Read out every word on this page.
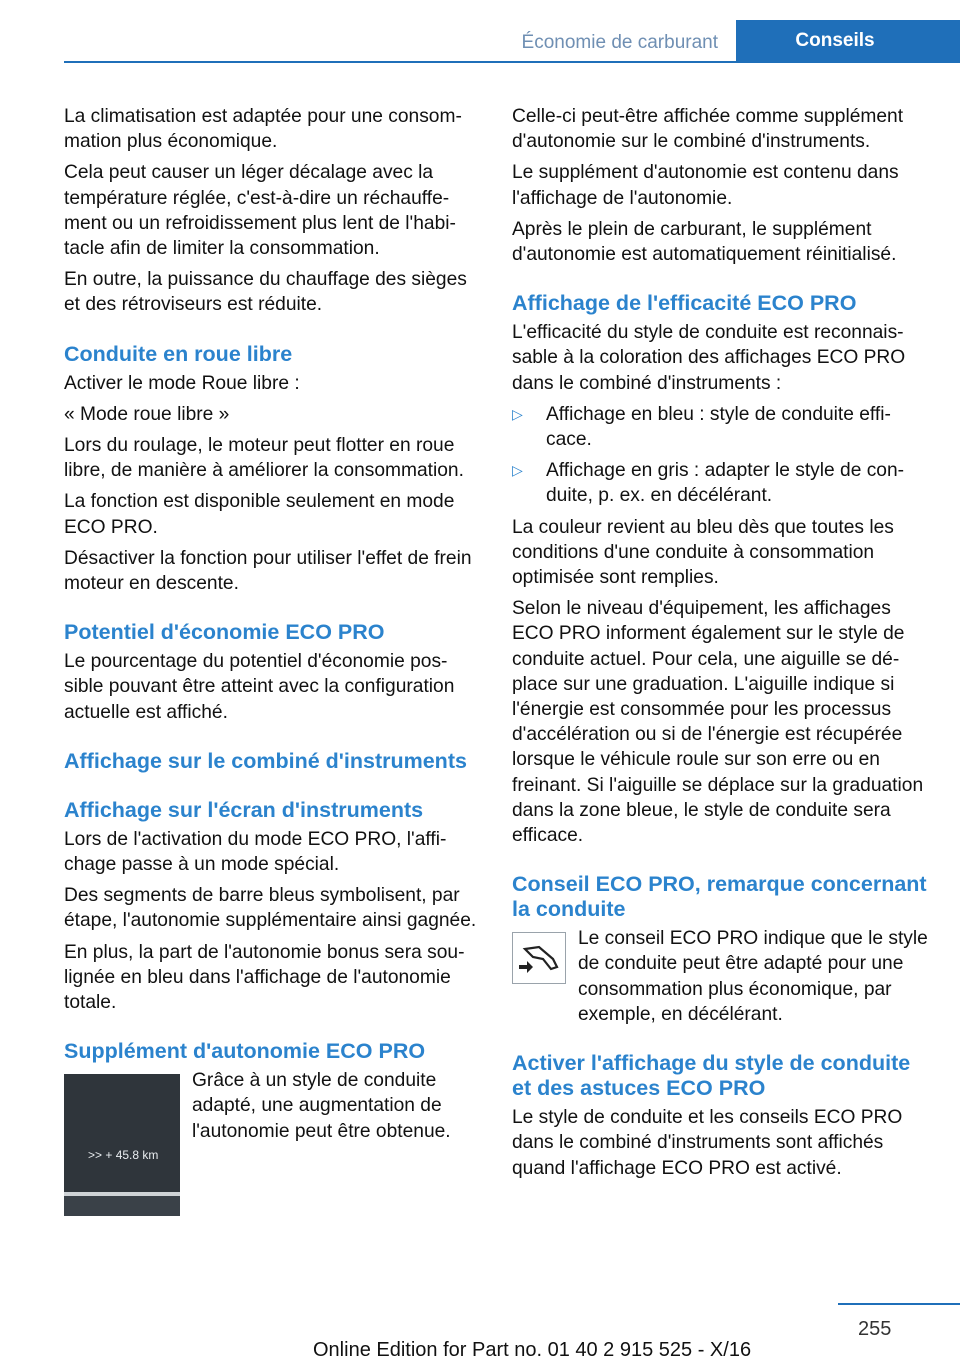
Économie de carburant	Conseils

La climatisation est adaptée pour une consommation plus économique.

Cela peut causer un léger décalage avec la température réglée, c'est-à-dire un réchauffement ou un refroidissement plus lent de l'habitacle afin de limiter la consommation.

En outre, la puissance du chauffage des sièges et des rétroviseurs est réduite.

Conduite en roue libre

Activer le mode Roue libre :

« Mode roue libre »

Lors du roulage, le moteur peut flotter en roue libre, de manière à améliorer la consommation.

La fonction est disponible seulement en mode ECO PRO.

Désactiver la fonction pour utiliser l'effet de frein moteur en descente.

Potentiel d'économie ECO PRO

Le pourcentage du potentiel d'économie possible pouvant être atteint avec la configuration actuelle est affiché.

Affichage sur le combiné d'instruments
Affichage sur l'écran d'instruments

Lors de l'activation du mode ECO PRO, l'affichage passe à un mode spécial.

Des segments de barre bleus symbolisent, par étape, l'autonomie supplémentaire ainsi gagnée.

En plus, la part de l'autonomie bonus sera soulignée en bleu dans l'affichage de l'autonomie totale.

Supplément d'autonomie ECO PRO
>> + 45.8 km

Grâce à un style de conduite adapté, une augmentation de l'autonomie peut être obtenue.

Celle-ci peut-être affichée comme supplément d'autonomie sur le combiné d'instruments.

Le supplément d'autonomie est contenu dans l'affichage de l'autonomie.

Après le plein de carburant, le supplément d'autonomie est automatiquement réinitialisé.

Affichage de l'efficacité ECO PRO

L'efficacité du style de conduite est reconnaissable à la coloration des affichages ECO PRO dans le combiné d'instruments :

▷ Affichage en bleu : style de conduite efficace.
▷ Affichage en gris : adapter le style de conduite, p. ex. en décélérant.

La couleur revient au bleu dès que toutes les conditions d'une conduite à consommation optimisée sont remplies.

Selon le niveau d'équipement, les affichages ECO PRO informent également sur le style de conduite actuel. Pour cela, une aiguille se déplace sur une graduation. L'aiguille indique si l'énergie est consommée pour les processus d'accélération ou si de l'énergie est récupérée lorsque le véhicule roule sur son erre ou en freinant. Si l'aiguille se déplace sur la graduation dans la zone bleue, le style de conduite sera efficace.

Conseil ECO PRO, remarque concernant la conduite

Le conseil ECO PRO indique que le style de conduite peut être adapté pour une consommation plus économique, par exemple, en décélérant.

Activer l'affichage du style de conduite et des astuces ECO PRO

Le style de conduite et les conseils ECO PRO dans le combiné d'instruments sont affichés quand l'affichage ECO PRO est activé.

255
Online Edition for Part no. 01 40 2 915 525 - X/16
